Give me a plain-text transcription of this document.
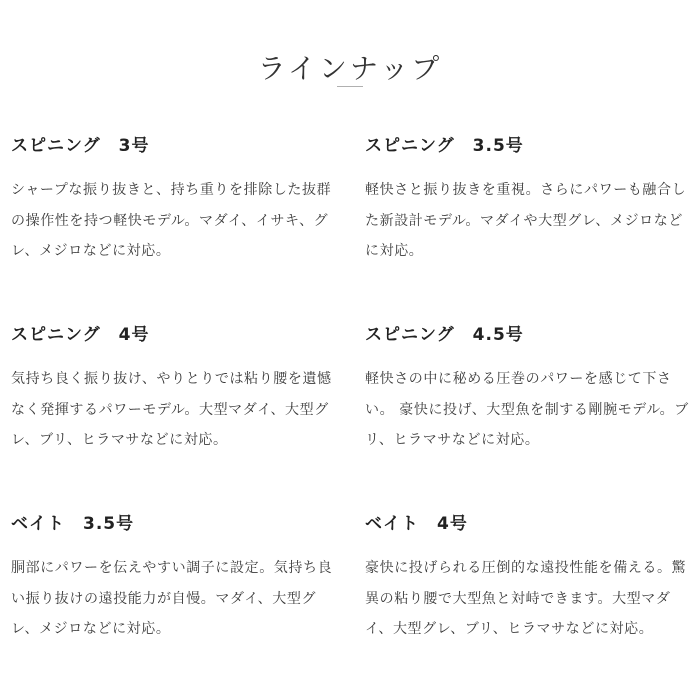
ラインナップ
スピニング　3号
シャープな振り抜きと、持ち重りを排除した抜群の操作性を持つ軽快モデル。マダイ、イサキ、グレ、メジロなどに対応。
スピニング　3.5号
軽快さと振り抜きを重視。さらにパワーも融合した新設計モデル。マダイや大型グレ、メジロなどに対応。
スピニング　4号
気持ち良く振り抜け、やりとりでは粘り腰を遺憾なく発揮するパワーモデル。大型マダイ、大型グレ、ブリ、ヒラマサなどに対応。
スピニング　4.5号
軽快さの中に秘める圧巻のパワーを感じて下さい。 豪快に投げ、大型魚を制する剛腕モデル。ブリ、ヒラマサなどに対応。
ベイト　3.5号
胴部にパワーを伝えやすい調子に設定。気持ち良い振り抜けの遠投能力が自慢。マダイ、大型グレ、メジロなどに対応。
ベイト　4号
豪快に投げられる圧倒的な遠投性能を備える。驚異の粘り腰で大型魚と対峙できます。大型マダイ、大型グレ、ブリ、ヒラマサなどに対応。
